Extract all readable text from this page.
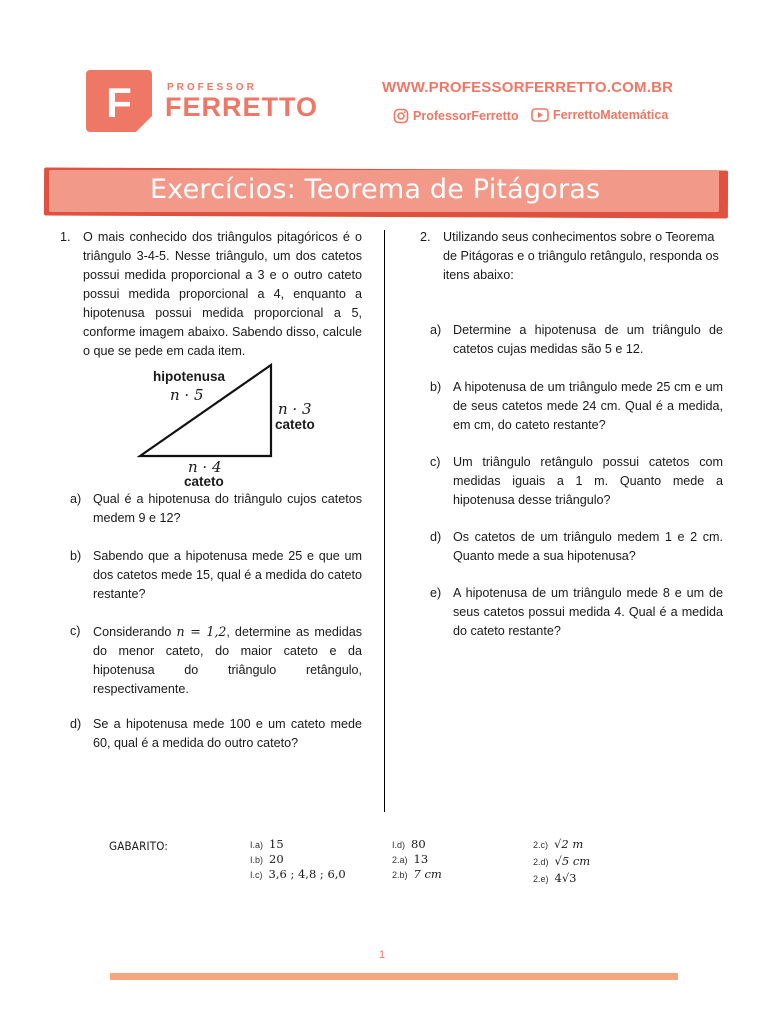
F	PROFESSOR
FERRETTO
WWW.PROFESSORFERRETTO.COM.BR
ProfessorFerretto	FerrettoMatemática
Exercícios: Teorema de Pitágoras
1. O mais conhecido dos triângulos pitagóricos é o triângulo 3-4-5. Nesse triângulo, um dos catetos possui medida proporcional a 3 e o outro cateto possui medida proporcional a 4, enquanto a hipotenusa possui medida proporcional a 5, conforme imagem abaixo. Sabendo disso, calcule o que se pede em cada item.
hipotenusa
n · 5
n · 3
cateto
n · 4
cateto
a) Qual é a hipotenusa do triângulo cujos catetos medem 9 e 12?
b) Sabendo que a hipotenusa mede 25 e que um dos catetos mede 15, qual é a medida do cateto restante?
c) Considerando n = 1,2, determine as medidas do menor cateto, do maior cateto e da hipotenusa do triângulo retângulo, respectivamente.
d) Se a hipotenusa mede 100 e um cateto mede 60, qual é a medida do outro cateto?
2. Utilizando seus conhecimentos sobre o Teorema de Pitágoras e o triângulo retângulo, responda os itens abaixo:
a) Determine a hipotenusa de um triângulo de catetos cujas medidas são 5 e 12.
b) A hipotenusa de um triângulo mede 25 cm e um de seus catetos mede 24 cm. Qual é a medida, em cm, do cateto restante?
c) Um triângulo retângulo possui catetos com medidas iguais a 1 m. Quanto mede a hipotenusa desse triângulo?
d) Os catetos de um triângulo medem 1 e 2 cm. Quanto mede a sua hipotenusa?
e) A hipotenusa de um triângulo mede 8 e um de seus catetos possui medida 4. Qual é a medida do cateto restante?
GABARITO:	I.a) 15
I.b) 20
I.c) 3,6 ; 4,8 ; 6,0
I.d) 80
2.a) 13
2.b) 7 cm
2.c) √2 m
2.d) √5 cm
2.e) 4√3
1
